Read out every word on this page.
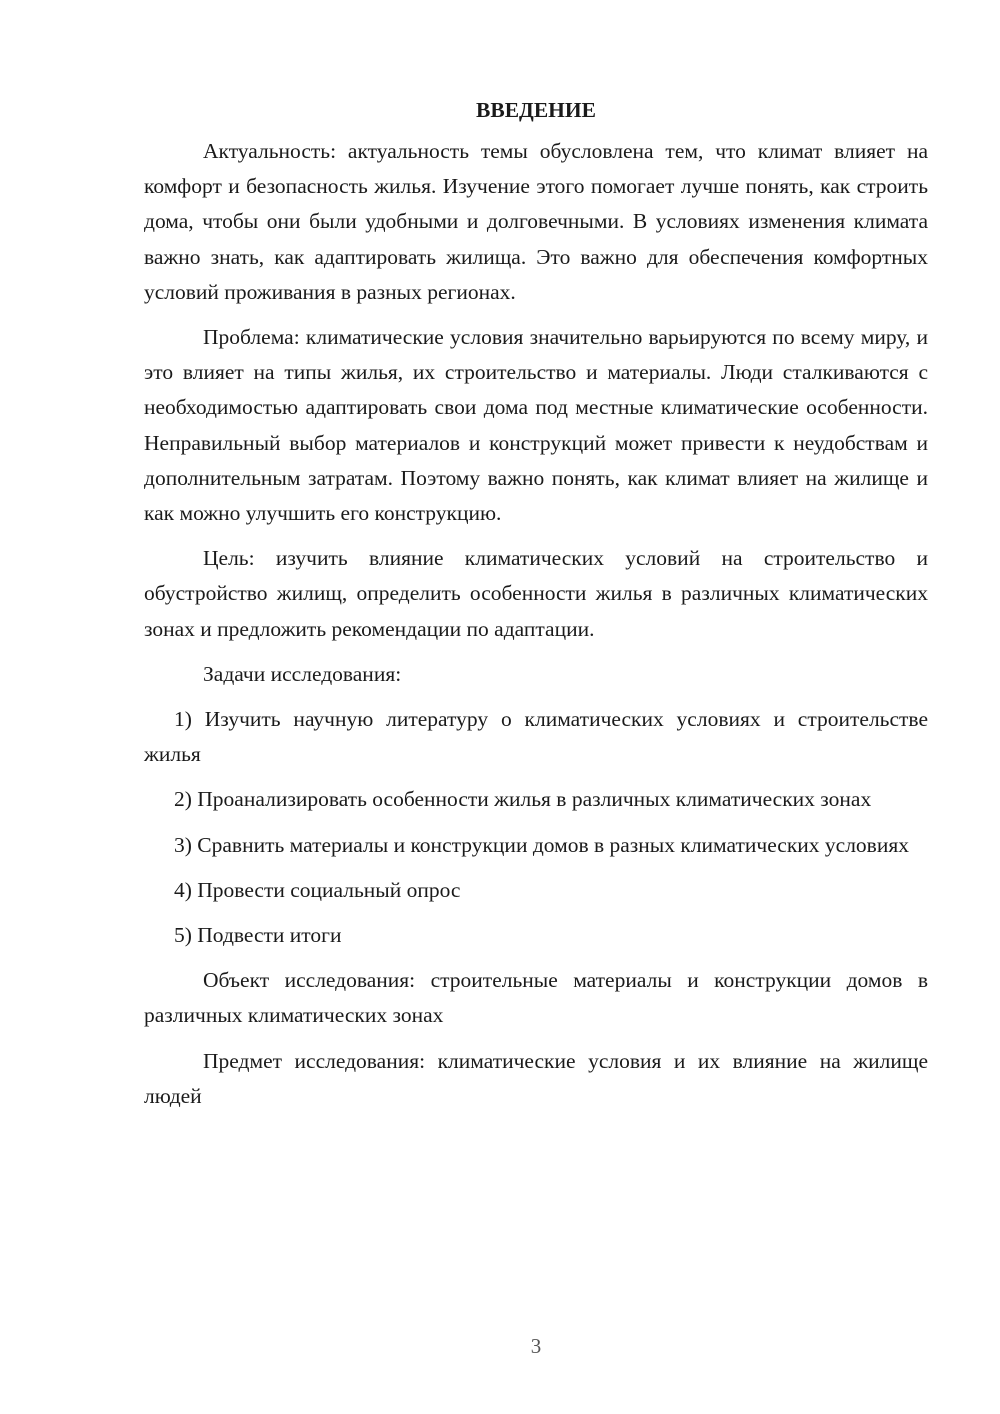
ВВЕДЕНИЕ

Актуальность: актуальность темы обусловлена тем, что климат влияет на комфорт и безопасность жилья. Изучение этого помогает лучше понять, как строить дома, чтобы они были удобными и долговечными. В условиях изменения климата важно знать, как адаптировать жилища. Это важно для обеспечения комфортных условий проживания в разных регионах.

Проблема: климатические условия значительно варьируются по всему миру, и это влияет на типы жилья, их строительство и материалы. Люди сталкиваются с необходимостью адаптировать свои дома под местные климатические особенности. Неправильный выбор материалов и конструкций может привести к неудобствам и дополнительным затратам. Поэтому важно понять, как климат влияет на жилище и как можно улучшить его конструкцию.

Цель: изучить влияние климатических условий на строительство и обустройство жилищ, определить особенности жилья в различных климатических зонах и предложить рекомендации по адаптации.

Задачи исследования:

1) Изучить научную литературу о климатических условиях и строительстве жилья

2) Проанализировать особенности жилья в различных климатических зонах

3) Сравнить материалы и конструкции домов в разных климатических условиях

4) Провести социальный опрос

5) Подвести итоги

Объект исследования: строительные материалы и конструкции домов в различных климатических зонах

Предмет исследования: климатические условия и их влияние на жилище людей

3
